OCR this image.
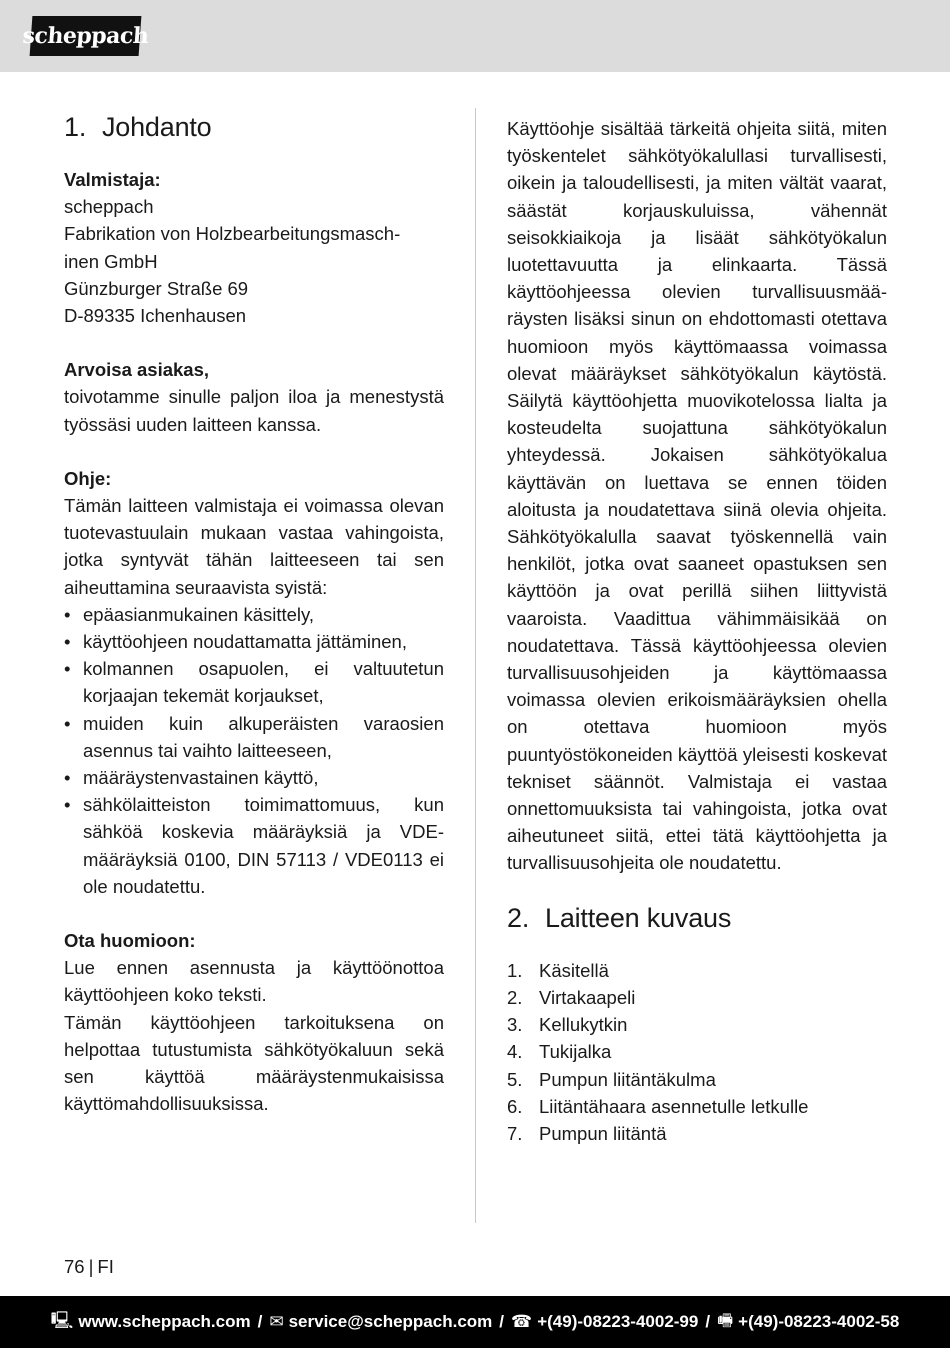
scheppach
1. Johdanto
Valmistaja:
scheppach
Fabrikation von Holzbearbeitungsmasch-
inen GmbH
Günzburger Straße 69
D-89335 Ichenhausen
Arvoisa asiakas,
toivotamme sinulle paljon iloa ja menestystä työssäsi uuden laitteen kanssa.
Ohje:
Tämän laitteen valmistaja ei voimassa olevan tuotevastuulain mukaan vastaa vahingoista, jotka syntyvät tähän laitteeseen tai sen aiheuttamina seuraavista syistä:
• epäasianmukainen käsittely,
• käyttöohjeen noudattamatta jättäminen,
• kolmannen osapuolen, ei valtuutetun korjaajan tekemät korjaukset,
• muiden kuin alkuperäisten varaosien asennus tai vaihto laitteeseen,
• määräystenvastainen käyttö,
• sähkölaitteiston toimimattomuus, kun sähköä koskevia määräyksiä ja VDE-määräyksiä 0100, DIN 57113 / VDE0113 ei ole noudatettu.
Ota huomioon:
Lue ennen asennusta ja käyttöönottoa käyttöohjeen koko teksti.
Tämän käyttöohjeen tarkoituksena on helpottaa tutustumista sähkötyökaluun sekä sen käyttöä määräystenmukaisissa käyttömahdollisuuksissa.
Käyttöohje sisältää tärkeitä ohjeita siitä, miten työskentelet sähkötyökalullasi turvallisesti, oikein ja taloudellisesti, ja miten vältät vaarat, säästät korjauskuluissa, vähennät seisokkiaikoja ja lisäät sähkötyökalun luotettavuutta ja elinkaarta. Tässä käyttöohjeessa olevien turvallisuusmääräysten lisäksi sinun on ehdottomasti otettava huomioon myös käyttömaassa voimassa olevat määräykset sähkötyökalun käytöstä. Säilytä käyttöohjetta muovikotelossa lialta ja kosteudelta suojattuna sähkötyökalun yhteydessä. Jokaisen sähkötyökalua käyttävän on luettava se ennen töiden aloitusta ja noudatettava siinä olevia ohjeita. Sähkötyökalulla saavat työskennellä vain henkilöt, jotka ovat saaneet opastuksen sen käyttöön ja ovat perillä siihen liittyvistä vaaroista. Vaadittua vähimmäisikää on noudatettava. Tässä käyttöohjeessa olevien turvallisuusohjeiden ja käyttömaassa voimassa olevien erikoismääräyksien ohella on otettava huomioon myös puuntyöstökoneiden käyttöä yleisesti koskevat tekniset säännöt. Valmistaja ei vastaa onnettomuuksista tai vahingoista, jotka ovat aiheutuneet siitä, ettei tätä käyttöohjetta ja turvallisuusohjeita ole noudatettu.
2. Laitteen kuvaus
1. Käsitellä
2. Virtakaapeli
3. Kellukytkin
4. Tukijalka
5. Pumpun liitäntäkulma
6. Liitäntähaara asennetulle letkulle
7. Pumpun liitäntä
76 | FI
🖳︎ www.scheppach.com / ✉︎ service@scheppach.com / ☎︎ +(49)-08223-4002-99 / 🖷︎ +(49)-08223-4002-58
